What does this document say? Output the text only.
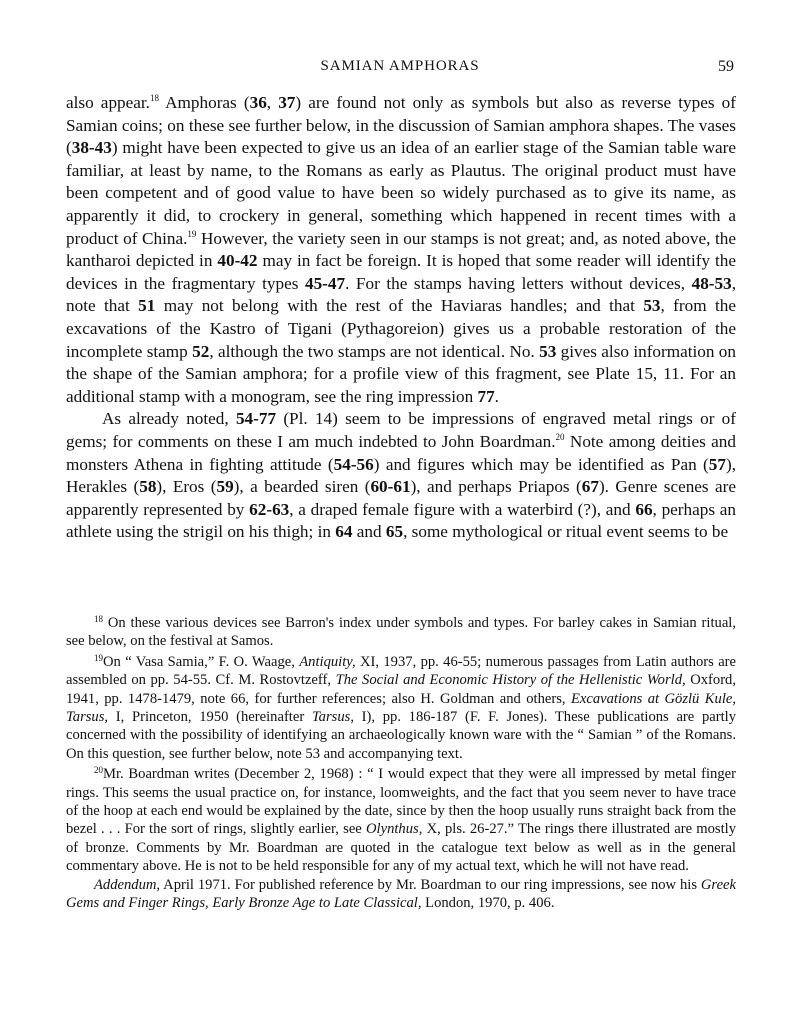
SAMIAN AMPHORAS	59

also appear.$^{18}$ Amphoras (36, 37) are found not only as symbols but also as reverse types of Samian coins; on these see further below, in the discussion of Samian amphora shapes. The vases (38-43) might have been expected to give us an idea of an earlier stage of the Samian table ware familiar, at least by name, to the Romans as early as Plautus. The original product must have been competent and of good value to have been so widely purchased as to give its name, as apparently it did, to crockery in general, something which happened in recent times with a product of China.$^{19}$ However, the variety seen in our stamps is not great; and, as noted above, the kantharoi depicted in 40-42 may in fact be foreign. It is hoped that some reader will identify the devices in the fragmentary types 45-47. For the stamps having letters without devices, 48-53, note that 51 may not belong with the rest of the Haviaras handles; and that 53, from the excavations of the Kastro of Tigani (Pythagoreion) gives us a probable restoration of the incomplete stamp 52, although the two stamps are not identical. No. 53 gives also information on the shape of the Samian amphora; for a profile view of this fragment, see Plate 15, 11. For an additional stamp with a monogram, see the ring impression 77.

As already noted, 54-77 (Pl. 14) seem to be impressions of engraved metal rings or of gems; for comments on these I am much indebted to John Boardman.$^{20}$ Note among deities and monsters Athena in fighting attitude (54-56) and figures which may be identified as Pan (57), Herakles (58), Eros (59), a bearded siren (60-61), and perhaps Priapos (67). Genre scenes are apparently represented by 62-63, a draped female figure with a waterbird (?), and 66, perhaps an athlete using the strigil on his thigh; in 64 and 65, some mythological or ritual event seems to be

$^{18}$ On these various devices see Barron's index under symbols and types. For barley cakes in Samian ritual, see below, on the festival at Samos.

$^{19}$On “ Vasa Samia,” F. O. Waage, Antiquity, XI, 1937, pp. 46-55; numerous passages from Latin authors are assembled on pp. 54-55. Cf. M. Rostovtzeff, The Social and Economic History of the Hellenistic World, Oxford, 1941, pp. 1478-1479, note 66, for further references; also H. Goldman and others, Excavations at Gözlü Kule, Tarsus, I, Princeton, 1950 (hereinafter Tarsus, I), pp. 186-187 (F. F. Jones). These publications are partly concerned with the possibility of identifying an archaeologically known ware with the “ Samian ” of the Romans. On this question, see further below, note 53 and accompanying text.

$^{20}$Mr. Boardman writes (December 2, 1968) : “ I would expect that they were all impressed by metal finger rings. This seems the usual practice on, for instance, loomweights, and the fact that you seem never to have trace of the hoop at each end would be explained by the date, since by then the hoop usually runs straight back from the bezel . . . For the sort of rings, slightly earlier, see Olynthus, X, pls. 26-27.” The rings there illustrated are mostly of bronze. Comments by Mr. Boardman are quoted in the catalogue text below as well as in the general commentary above. He is not to be held responsible for any of my actual text, which he will not have read.

Addendum, April 1971. For published reference by Mr. Boardman to our ring impressions, see now his Greek Gems and Finger Rings, Early Bronze Age to Late Classical, London, 1970, p. 406.
